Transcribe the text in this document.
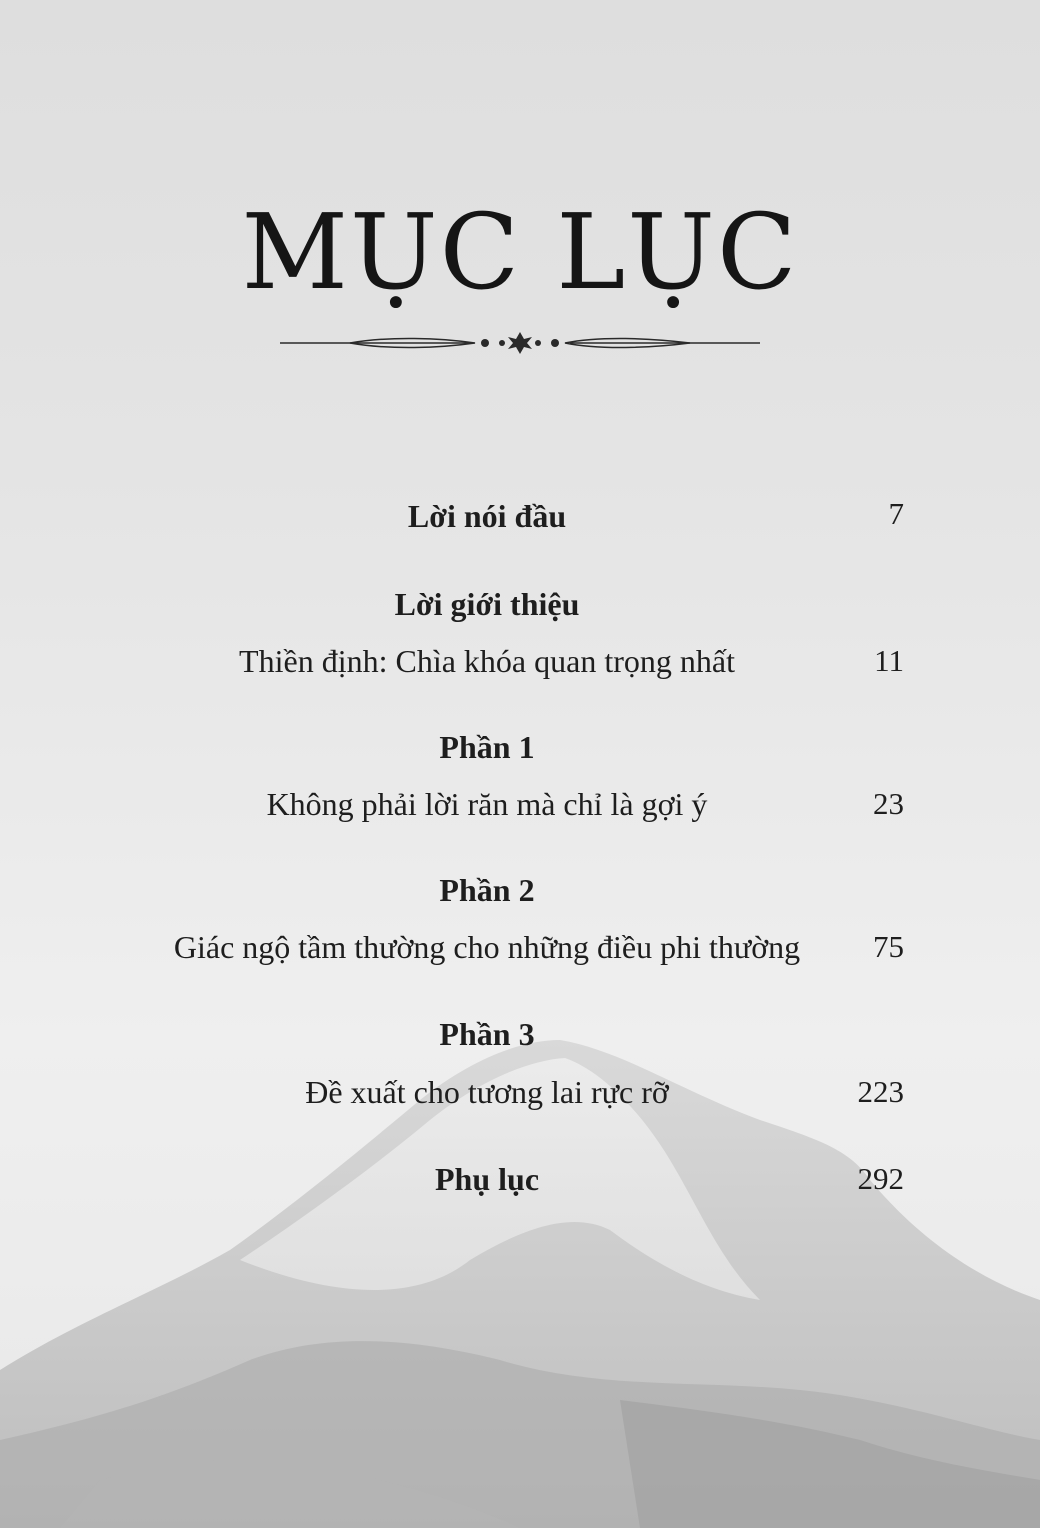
MỤC LỤC
Lời nói đầu	7
Lời giới thiệu
Thiền định: Chìa khóa quan trọng nhất	11
Phần 1
Không phải lời răn mà chỉ là gợi ý	23
Phần 2
Giác ngộ tầm thường cho những điều phi thường 75
Phần 3
Đề xuất cho tương lai rực rỡ	223
Phụ lục	292
